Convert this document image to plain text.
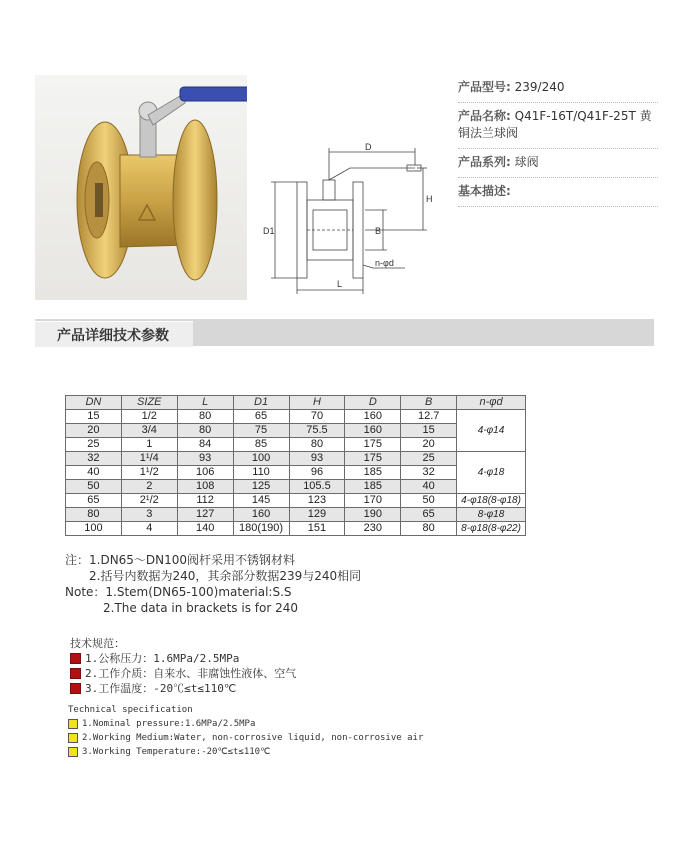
D
H
D1	B
n-φd
L
产品型号: 239/240
产品名称: Q41F-16T/Q41F-25T 黄铜法兰球阀
产品系列: 球阀
基本描述:
产品详细技术参数
DN	SIZE	L	D1	H	D	B	n-φd
15	1/2	80	65	70	160	12.7	4-φ14
20	3/4	80	75	75.5	160	15	
25	1	84	85	80	175	20	
32	1¹/4	93	100	93	175	25	4-φ18
40	1¹/2	106	110	96	185	32	
50	2	108	125	105.5	185	40	
65	2¹/2	112	145	123	170	50	4-φ18(8-φ18)
80	3	127	160	129	190	65	8-φ18
100	4	140	180(190)	151	230	80	8-φ18(8-φ22)
注：1.DN65～DN100阀杆采用不锈钢材料
2.括号内数据为240，其余部分数据239与240相同
Note：1.Stem(DN65-100)material:S.S
2.The data in brackets is for 240
技术规范：
1.公称压力：1.6MPa/2.5MPa
2.工作介质：自来水、非腐蚀性液体、空气
3.工作温度：-20℃≤t≤110℃
Technical specification
1.Nominal pressure:1.6MPa/2.5MPa
2.Working Medium:Water, non-corrosive liquid, non-corrosive air
3.Working Temperature:-20℃≤t≤110℃
